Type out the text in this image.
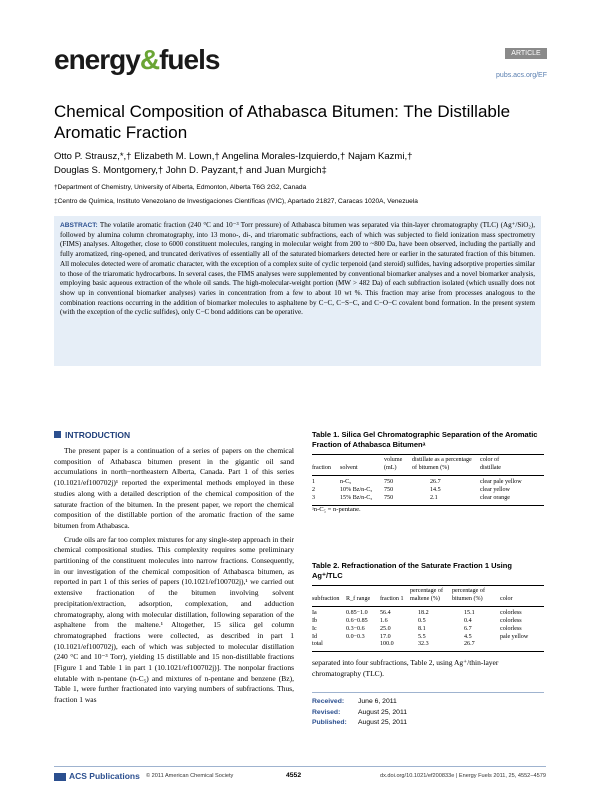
energy&fuels	ARTICLE
pubs.acs.org/EF
Chemical Composition of Athabasca Bitumen: The Distillable Aromatic Fraction
Otto P. Strausz,*,† Elizabeth M. Lown,† Angelina Morales-Izquierdo,† Najam Kazmi,†
Douglas S. Montgomery,† John D. Payzant,† and Juan Murgich‡
†Department of Chemistry, University of Alberta, Edmonton, Alberta T6G 2G2, Canada
‡Centro de Química, Instituto Venezolano de Investigaciones Científicas (IVIC), Apartado 21827, Caracas 1020A, Venezuela
ABSTRACT: The volatile aromatic fraction (240 °C and 10⁻³ Torr pressure) of Athabasca bitumen was separated via thin-layer chromatography (TLC) (Ag⁺/SiO₂), followed by alumina column chromatography, into 13 mono-, di-, and triaromatic subfractions, each of which was subjected to field ionization mass spectrometry (FIMS) analyses. Altogether, close to 6000 constituent molecules, ranging in molecular weight from 200 to ~800 Da, have been observed, including the partially and fully aromatized, ring-opened, and truncated derivatives of essentially all of the saturated biomarkers detected here or earlier in the saturated fraction of this bitumen. All molecules detected were of aromatic character, with the exception of a complex suite of cyclic terpenoid (and steroid) sulfides, having adsorptive properties similar to those of the triaromatic hydrocarbons. In several cases, the FIMS analyses were supplemented by conventional biomarker analyses and a novel biomarker analysis, employing basic aqueous extraction of the whole oil sands. The high-molecular-weight portion (MW > 482 Da) of each subfraction isolated (which usually does not show up in conventional biomarker analyses) varies in concentration from a few to about 10 wt %. This fraction may arise from processes analogous to the combination reactions occurring in the addition of biomarker molecules to asphaltene by C−C, C−S−C, and C−O−C covalent bond formation. In the present system (with the exception of the cyclic sulfides), only C−C bond additions can be operative.
INTRODUCTION

The present paper is a continuation of a series of papers on the chemical composition of Athabasca bitumen present in the gigantic oil sand accumulations in north−northeastern Alberta, Canada. Part 1 of this series (10.1021/ef100702j)¹ reported the experimental methods employed in these studies along with a detailed description of the chemical composition of the saturate fraction of the bitumen. In the present paper, we report the chemical composition of the distillable portion of the aromatic fraction of the same bitumen from Athabasca.

Crude oils are far too complex mixtures for any single-step approach in their chemical compositional studies. This complexity requires some preliminary partitioning of the constituent molecules into narrow fractions. Consequently, in our investigation of the chemical composition of Athabasca bitumen, as reported in part 1 of this series of papers (10.1021/ef100702j),¹ we carried out extensive fractionation of the bitumen involving solvent precipitation/extraction, adsorption, complexation, and adduction chromatography, along with molecular distillation, following separation of the asphaltene from the maltene.¹ Altogether, 15 silica gel column chromatographed fractions were collected, as described in part 1 (10.1021/ef100702j), each of which was subjected to molecular distillation (240 °C and 10⁻³ Torr), yielding 15 distillable and 15 non-distillable fractions [Figure 1 and Table 1 in part 1 (10.1021/ef100702j)]. The nonpolar fractions elutable with n-pentane (n-C₅) and mixtures of n-pentane and benzene (Bz), Table 1, were further fractionated into varying numbers of subfractions. Thus, fraction 1 was

Table 1. Silica Gel Chromatographic Separation of the Aromatic Fraction of Athabasca Bitumenᵃ
fraction	solvent	volume
(mL)	distillate as a percentage
of bitumen (%)	color of
distillate

1	n-C₅	750	26.7	clear pale yellow
2	10% Bz/n-C₅	750	14.5	clear yellow
3	15% Bz/n-C₅	750	2.1	clear orange
ᵃn-C₅ = n-pentane.
Table 2. Refractionation of the Saturate Fraction 1 Using Ag⁺/TLC
subfraction	R_f range	fraction 1	percentage of
maltene (%)	percentage of
bitumen (%)	color

Ia	0.85−1.0	56.4	18.2	15.1	colorless
Ib	0.6−0.85	1.6	0.5	0.4	colorless
Ic	0.3−0.6	25.0	8.1	6.7	colorless
Id	0.0−0.3	17.0	5.5	4.5	pale yellow
total		100.0	32.3	26.7	
separated into four subfractions, Table 2, using Ag⁺/thin-layer chromatography (TLC).
Received: June 6, 2011
Revised:	August 25, 2011
Published: August 25, 2011
ACS Publications © 2011 American Chemical Society	4552	dx.doi.org/10.1021/ef200833e | Energy Fuels 2011, 25, 4552−4579
